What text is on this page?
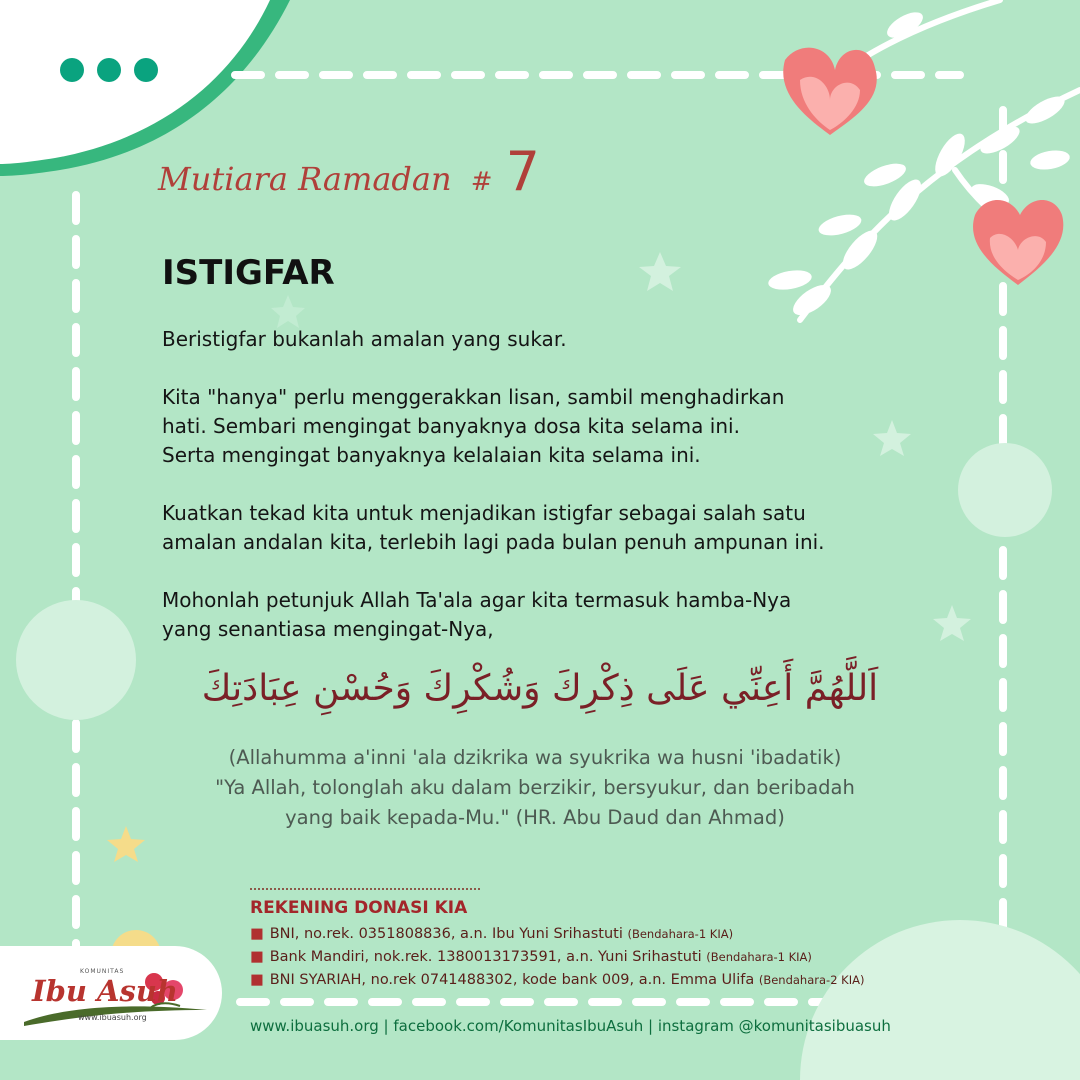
Mutiara Ramadan # 7
ISTIGFAR

Beristigfar bukanlah amalan yang sukar.

Kita "hanya" perlu menggerakkan lisan, sambil menghadirkan
hati. Sembari mengingat banyaknya dosa kita selama ini.
Serta mengingat banyaknya kelalaian kita selama ini.

Kuatkan tekad kita untuk menjadikan istigfar sebagai salah satu
amalan andalan kita, terlebih lagi pada bulan penuh ampunan ini.

Mohonlah petunjuk Allah Ta'ala agar kita termasuk hamba-Nya
yang senantiasa mengingat-Nya,

اَللَّهُمَّ أَعِنِّي عَلَى ذِكْرِكَ وَشُكْرِكَ وَحُسْنِ عِبَادَتِكَ
(Allahumma a'inni 'ala dzikrika wa syukrika wa husni 'ibadatik)
"Ya Allah, tolonglah aku dalam berzikir, bersyukur, dan beribadah
yang baik kepada-Mu." (HR. Abu Daud dan Ahmad)
REKENING DONASI KIA
■ BNI, no.rek. 0351808836, a.n. Ibu Yuni Srihastuti (Bendahara-1 KIA)
■ Bank Mandiri, nok.rek. 1380013173591, a.n. Yuni Srihastuti (Bendahara-1 KIA)
■ BNI SYARIAH, no.rek 0741488302, kode bank 009, a.n. Emma Ulifa (Bendahara-2 KIA)
www.ibuasuh.org | facebook.com/KomunitasIbuAsuh | instagram @komunitasibuasuh
KOMUNITAS
Ibu Asuh
www.ibuasuh.org
